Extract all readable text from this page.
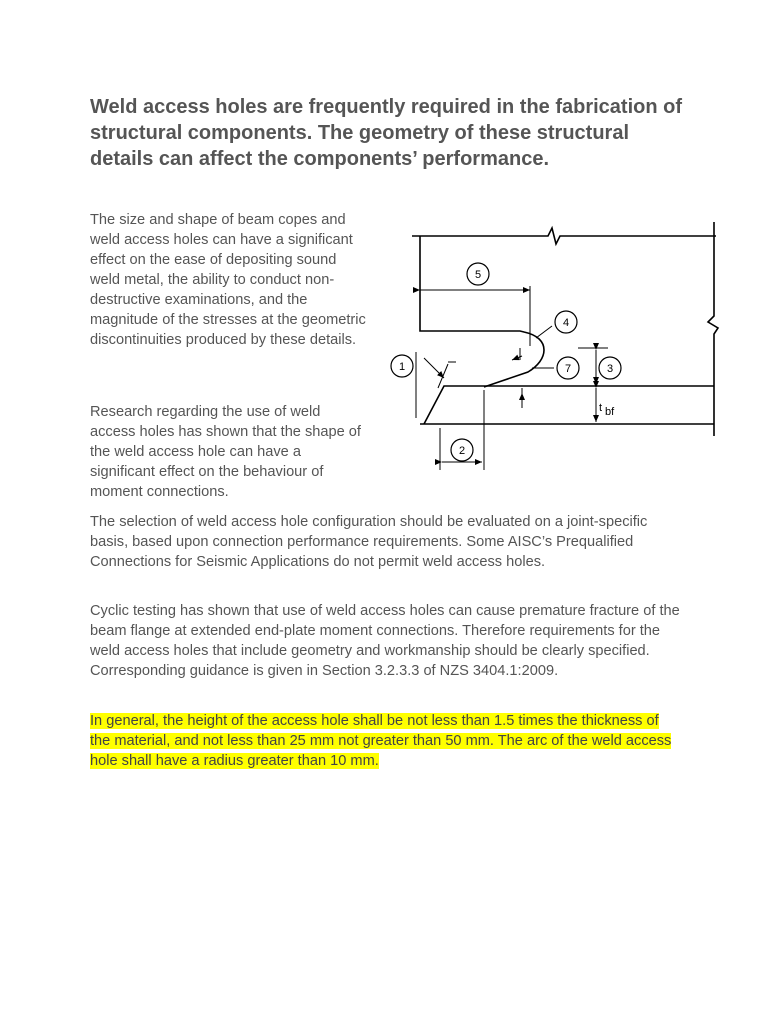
Weld access holes are frequently required in the fabrication of structural components. The geometry of these structural details can affect the components’ performance.

The size and shape of beam copes and weld access holes can have a significant effect on the ease of depositing sound weld metal, the ability to conduct non-destructive examinations, and the magnitude of the stresses at the geometric discontinuities produced by these details.

Research regarding the use of weld access holes has shown that the shape of the weld access hole can have a significant effect on the behaviour of moment connections.

5
4
1	7	3
2
t bf

The selection of weld access hole configuration should be evaluated on a joint-specific basis, based upon connection performance requirements. Some AISC’s Prequalified Connections for Seismic Applications do not permit weld access holes.

Cyclic testing has shown that use of weld access holes can cause premature fracture of the beam flange at extended end-plate moment connections. Therefore requirements for the weld access holes that include geometry and workmanship should be clearly specified. Corresponding guidance is given in Section 3.2.3.3 of NZS 3404.1:2009.

In general, the height of the access hole shall be not less than 1.5 times the thickness of the material, and not less than 25 mm not greater than 50 mm. The arc of the weld access hole shall have a radius greater than 10 mm.
